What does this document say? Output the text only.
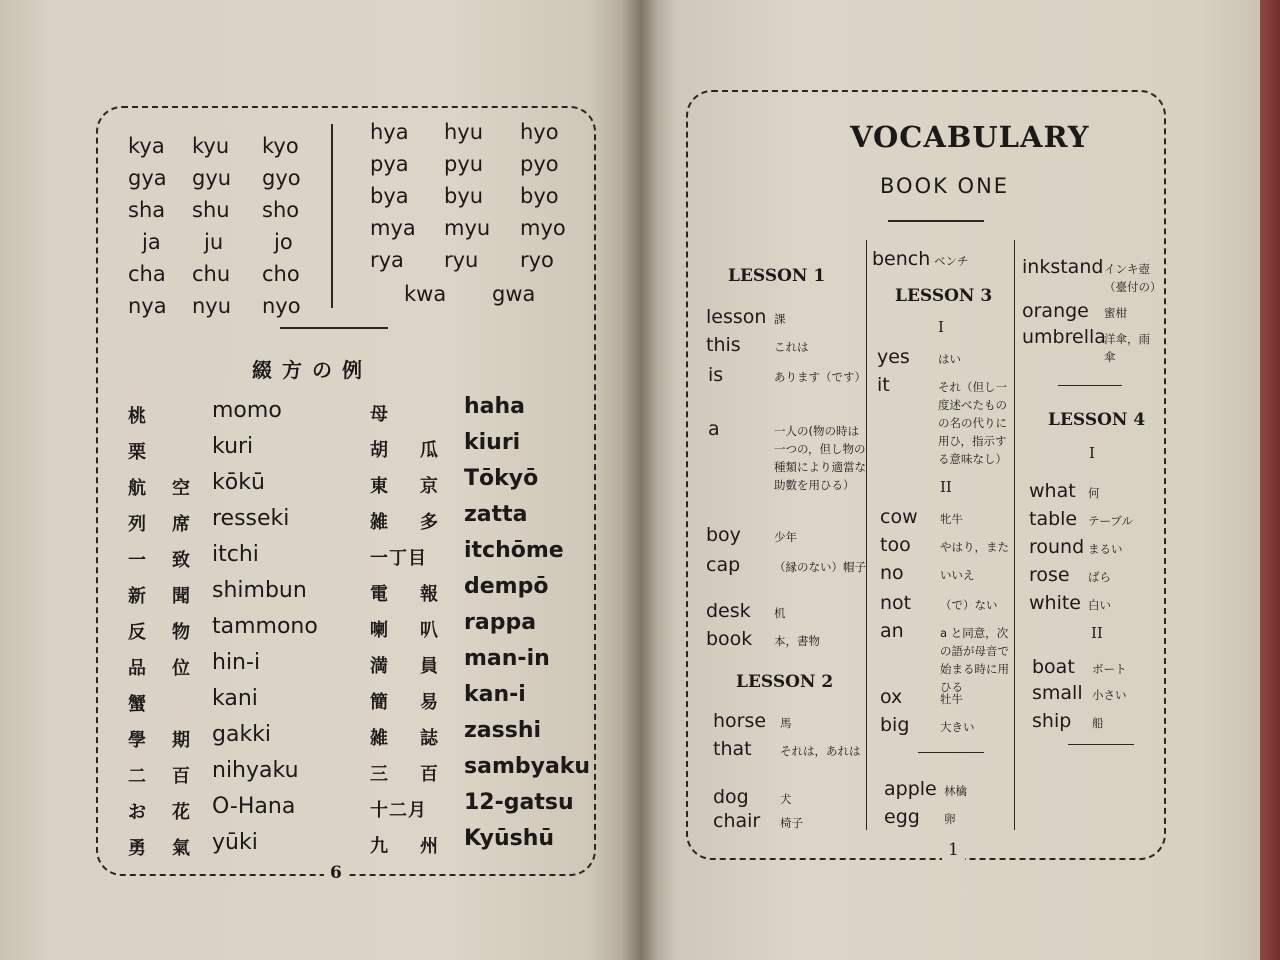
kya kyu kyo
gya gyu gyo
sha shu sho
ja ju jo
cha chu cho
nya nyu nyo
hya hyu hyo
pya pyu pyo
bya byu byo
mya myu myo
rya ryu ryo
kwa gwa
綴方の例
桃	momo
栗	kuri
航 空 kōkū
列 席 resseki
一 致 itchi
新 聞 shimbun
反 物 tammono
品 位 hin-i
蟹	kani
學 期 gakki
二 百 nihyaku
お 花 O-Hana
勇 氣 yūki
母	haha
胡 瓜 kiuri
東 京 Tōkyō
雑 多 zatta
一丁目 itchōme
電 報 dempō
喇 叭 rappa
満 員 man-in
簡 易 kan-i
雑 誌 zasshi
三 百 sambyaku
十二月 12-gatsu
九 州 Kyūshū
6
VOCABULARY
BOOK ONE
LESSON 1
lesson 課
this	これは
is	あります（です）
a	一人の(物の時は一つの，但し物の種類により適當な助數を用ひる）
boy	少年
cap	（縁のない）帽子
desk 机
book 本，書物
LESSON 2
horse 馬
that それは，あれは
dog	犬
chair 椅子
bench ベンチ
LESSON 3
I
yes はい
it	それ（但し一度述べたものの名の代りに用ひ，指示する意味なし）
II
cow 牝牛
too	やはり，また
no	いいえ
not	（で）ない
an	a と同意，次の語が母音で始まる時に用ひる
ox	牡牛
big	大きい
apple 林檎
egg 卵
inkstand インキ壺（臺付の）
orange 蜜柑
umbrella
洋傘，雨傘
LESSON 4
I
what 何
table テーブル
round まるい
rose ばら
white 白い
II
boat ボート
small 小さい
ship 船
1
